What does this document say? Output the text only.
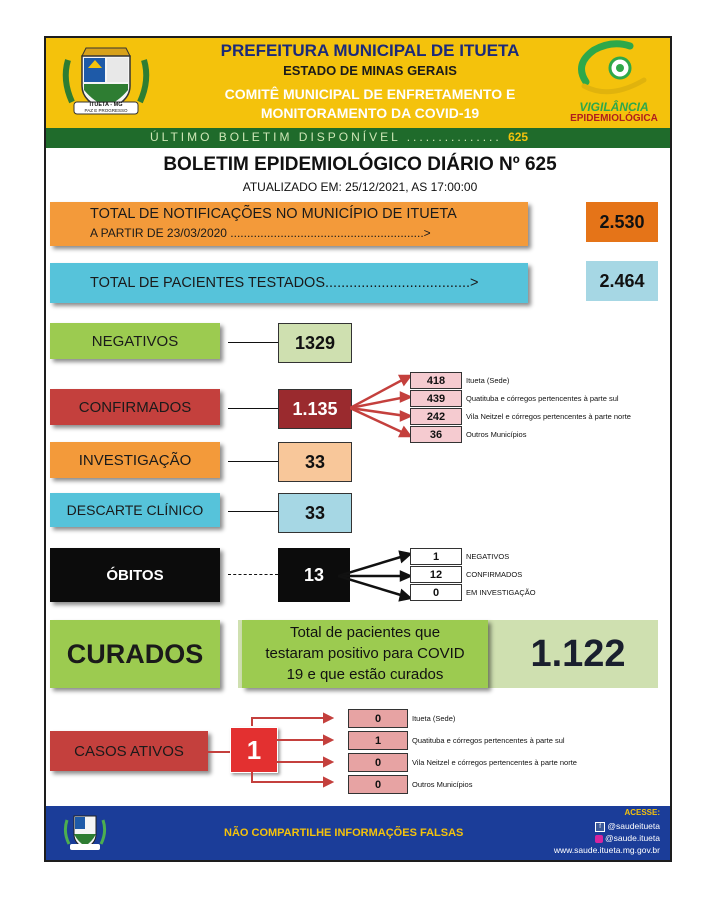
ITUETA - MG
PAZ E PROGRESSO	VIGILÂNCIA
EPIDEMIOLÓGICA
PREFEITURA MUNICIPAL DE ITUETA
ESTADO DE MINAS GERAIS
COMITÊ MUNICIPAL DE ENFRETAMENTO E
MONITORAMENTO DA COVID-19
ÚLTIMO BOLETIM DISPONÍVEL ............... 625
BOLETIM EPIDEMIOLÓGICO DIÁRIO Nº 625
ATUALIZADO EM: 25/12/2021, AS 17:00:00
TOTAL DE NOTIFICAÇÕES NO MUNICÍPIO DE ITUETA
A PARTIR DE 23/03/2020 ..........................................................>
2.530
TOTAL DE PACIENTES TESTADOS....................................>	2.464
NEGATIVOS	1329
CONFIRMADOS	1.135
418	Itueta (Sede)
439	Quatituba e córregos pertencentes à parte sul
242	Vila Neitzel e córregos pertencentes à parte norte
36	Outros Municípios
INVESTIGAÇÃO	33
DESCARTE CLÍNICO	33
ÓBITOS	13
1	NEGATIVOS
12	CONFIRMADOS
0	EM INVESTIGAÇÃO
CURADOS
Total de pacientes que
testaram positivo para COVID
19 e que estão curados	1.122
CASOS ATIVOS	1
0	Itueta (Sede)
1	Quatituba e córregos pertencentes à parte sul
0	Vila Neitzel e córregos pertencentes à parte norte
0	Outros Municípios
NÃO COMPARTILHE INFORMAÇÕES FALSAS
ACESSE:
f @saudeitueta
@saude.itueta
www.saude.itueta.mg.gov.br
